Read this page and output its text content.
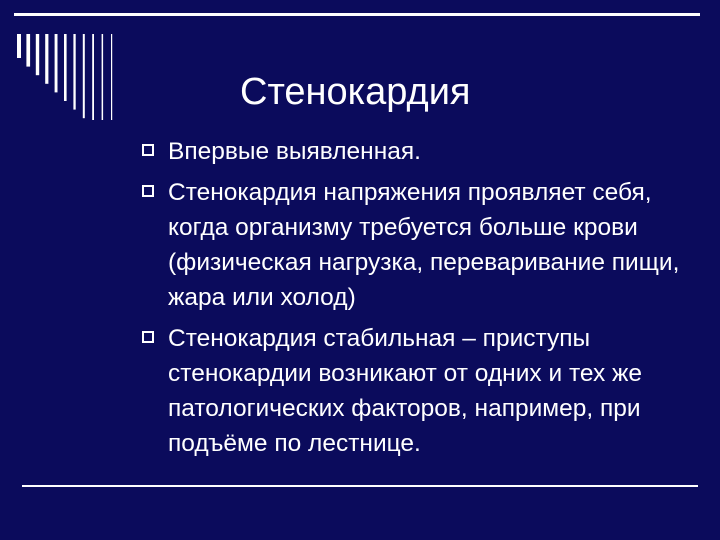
Стенокардия
Впервые выявленная.
Стенокардия напряжения проявляет себя, когда организму требуется больше крови (физическая нагрузка, переваривание пищи, жара или холод)
Стенокардия стабильная – приступы стенокардии возникают от одних и тех же патологических факторов, например, при подъёме по лестнице.
